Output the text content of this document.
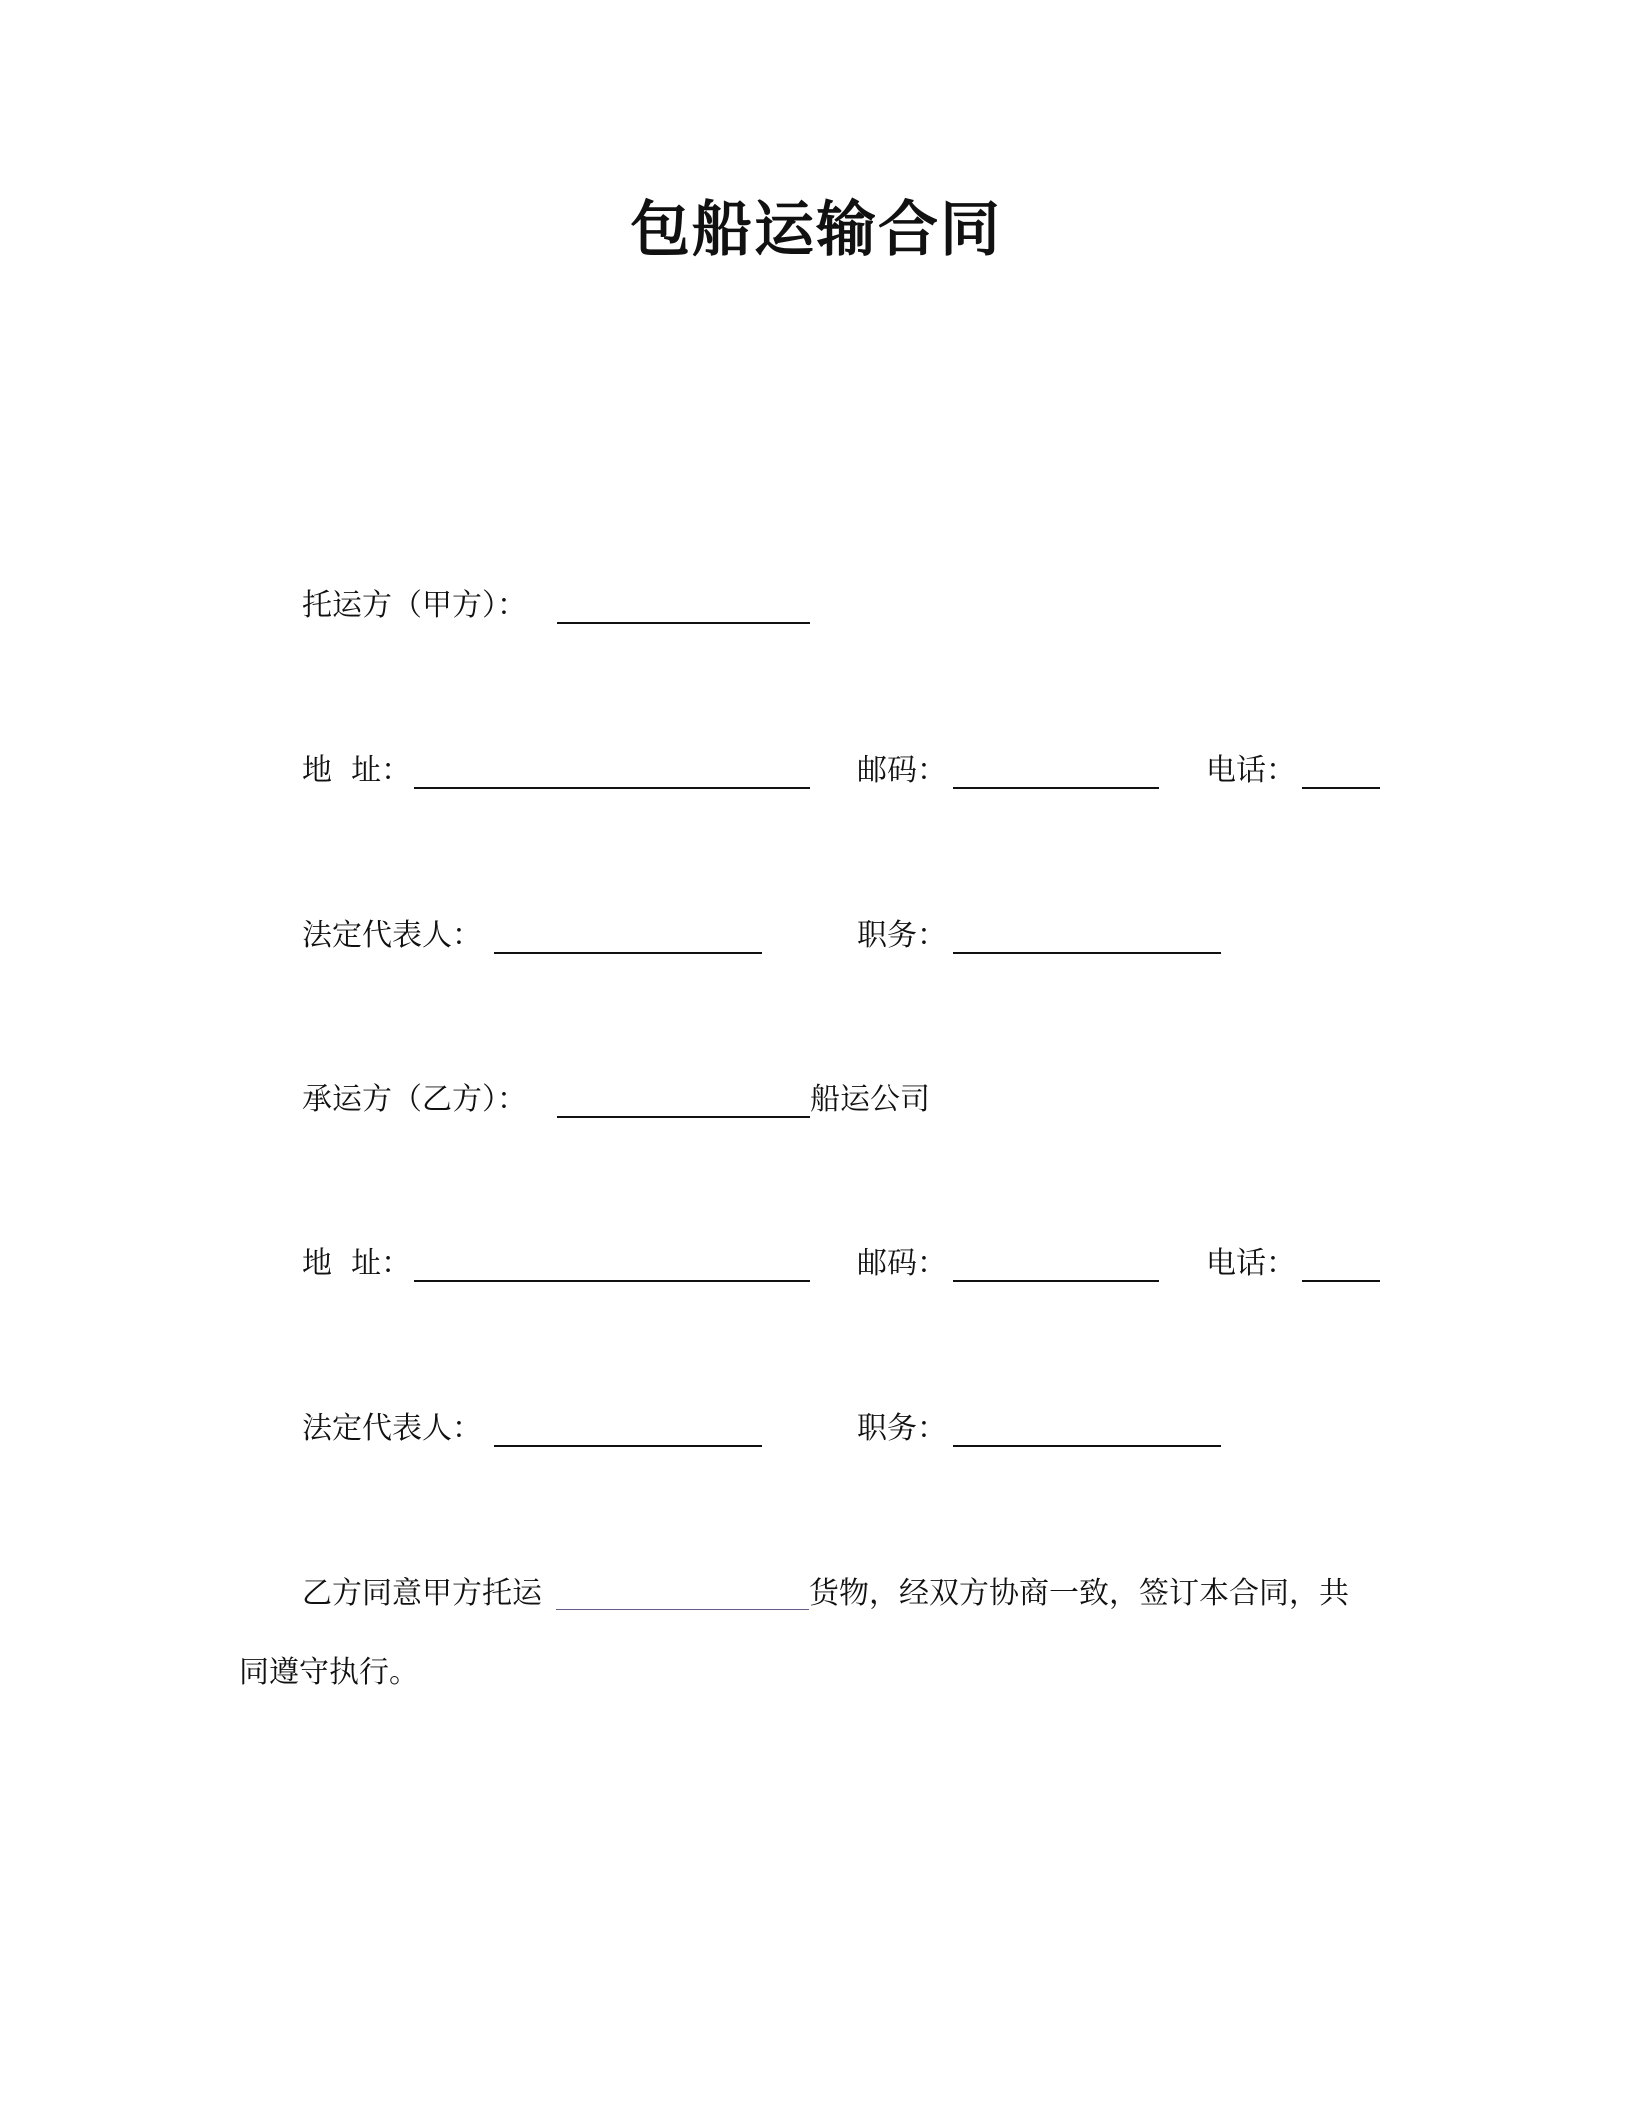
包船运输合同
托运方（甲方）：
地  址：	邮码：	电话：
法定代表人：	职务：
承运方（乙方）：	船运公司
地  址：	邮码：	电话：
法定代表人：	职务：
乙方同意甲方托运	货物，经双方协商一致，签订本合同，共
同遵守执行。
